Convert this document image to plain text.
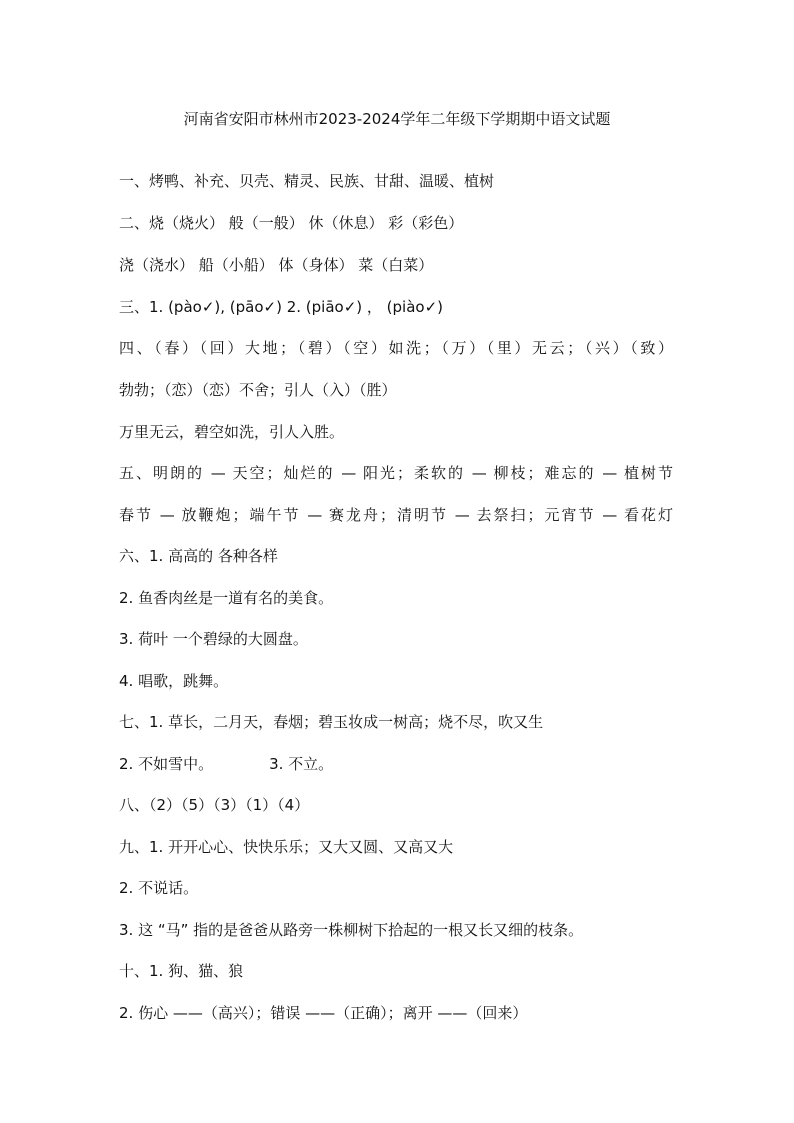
河南省安阳市林州市2023-2024学年二年级下学期期中语文试题
一、烤鸭、补充、贝壳、精灵、民族、甘甜、温暖、植树
二、烧（烧火） 般（一般） 休（休息） 彩（彩色）
浇（浇水） 船（小船） 体（身体） 菜（白菜）
三、1. (pào✓), (pāo✓) 2. (piāo✓) ， (piào✓)
四、（春）（回）大地；（碧）（空）如洗；（万）（里）无云；（兴）（致）
勃勃；（恋）（恋）不舍；引人（入）（胜）
万里无云，碧空如洗，引人入胜。
五、明朗的 — 天空；灿烂的 — 阳光；柔软的 — 柳枝；难忘的 — 植树节
春节 — 放鞭炮；端午节 — 赛龙舟；清明节 — 去祭扫；元宵节 — 看花灯
六、1. 高高的 各种各样
2. 鱼香肉丝是一道有名的美食。
3. 荷叶 一个碧绿的大圆盘。
4. 唱歌，跳舞。
七、1. 草长，二月天，春烟；碧玉妆成一树高；烧不尽，吹又生
2. 不如雪中。	3. 不立。
八、（2）（5）（3）（1）（4）
九、1. 开开心心、快快乐乐；又大又圆、又高又大
2. 不说话。
3. 这 “马” 指的是爸爸从路旁一株柳树下拾起的一根又长又细的枝条。
十、1. 狗、猫、狼
2. 伤心 ——（高兴）；错误 ——（正确）；离开 ——（回来）
